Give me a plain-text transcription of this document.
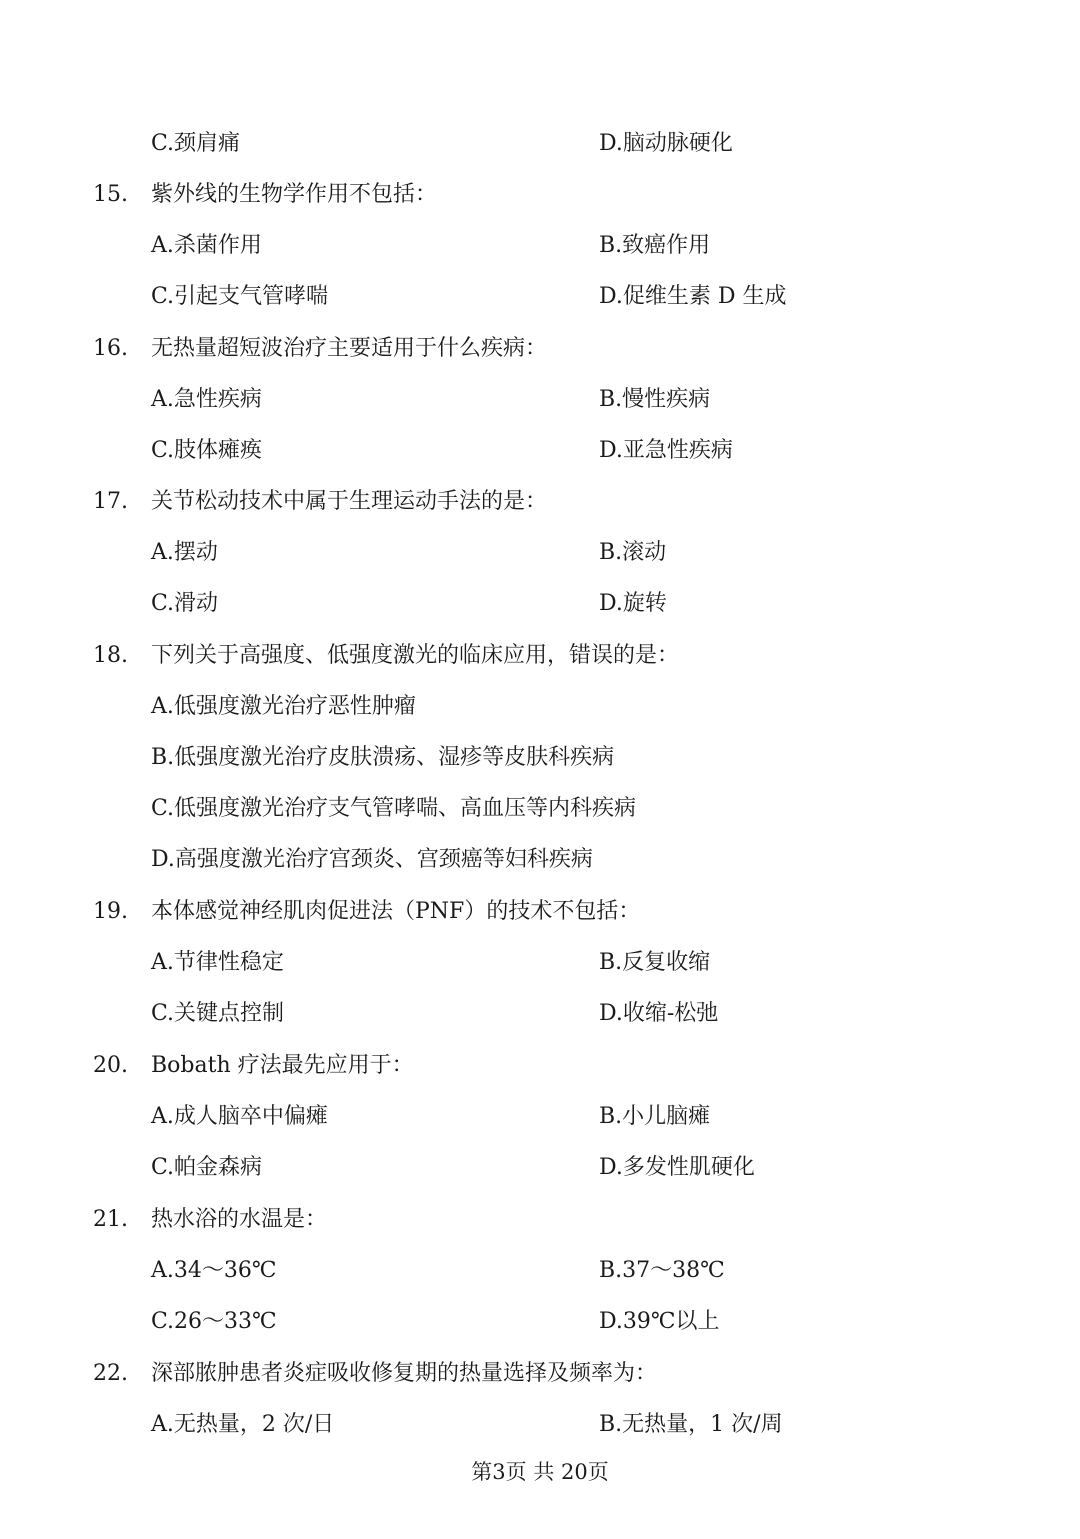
C.颈肩痛	D.脑动脉硬化
15.	紫外线的生物学作用不包括：
A.杀菌作用	B.致癌作用
C.引起支气管哮喘	D.促维生素 D 生成
16.	无热量超短波治疗主要适用于什么疾病：
A.急性疾病	B.慢性疾病
C.肢体瘫痪	D.亚急性疾病
17.	关节松动技术中属于生理运动手法的是：
A.摆动	B.滚动
C.滑动	D.旋转
18.	下列关于高强度、低强度激光的临床应用，错误的是：
A.低强度激光治疗恶性肿瘤
B.低强度激光治疗皮肤溃疡、湿疹等皮肤科疾病
C.低强度激光治疗支气管哮喘、高血压等内科疾病
D.高强度激光治疗宫颈炎、宫颈癌等妇科疾病
19.	本体感觉神经肌肉促进法（PNF）的技术不包括：
A.节律性稳定	B.反复收缩
C.关键点控制	D.收缩-松弛
20.	Bobath 疗法最先应用于：
A.成人脑卒中偏瘫	B.小儿脑瘫
C.帕金森病	D.多发性肌硬化
21.	热水浴的水温是：
A.34～36℃	B.37～38℃
C.26～33℃	D.39℃以上
22.	深部脓肿患者炎症吸收修复期的热量选择及频率为：
A.无热量，2 次/日	B.无热量，1 次/周
第3页 共 20页
